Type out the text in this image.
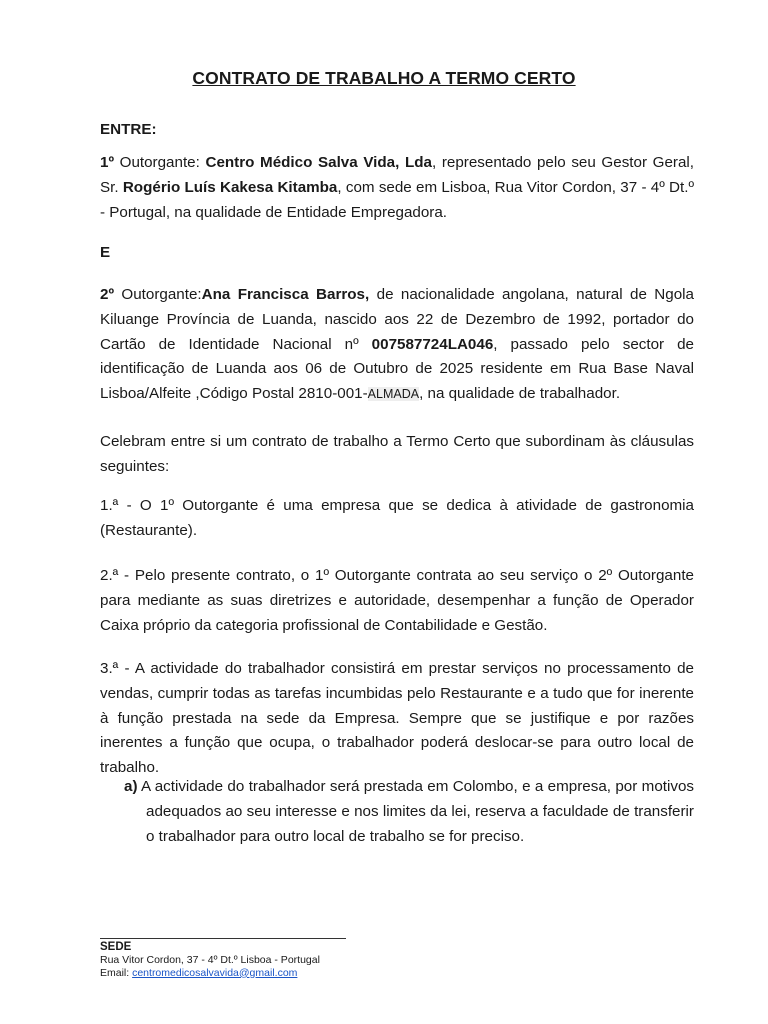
CONTRATO DE TRABALHO A TERMO CERTO
ENTRE:
1º Outorgante: Centro Médico Salva Vida, Lda, representado pelo seu Gestor Geral, Sr. Rogério Luís Kakesa Kitamba, com sede em Lisboa, Rua Vitor Cordon, 37 - 4º Dt.º - Portugal, na qualidade de Entidade Empregadora.
E
2º Outorgante:Ana Francisca Barros, de nacionalidade angolana, natural de Ngola Kiluange Província de Luanda, nascido aos 22 de Dezembro de 1992, portador do Cartão de Identidade Nacional nº 007587724LA046, passado pelo sector de identificação de Luanda aos 06 de Outubro de 2025 residente em Rua Base Naval Lisboa/Alfeite ,Código Postal 2810-001-ALMADA, na qualidade de trabalhador.
Celebram entre si um contrato de trabalho a Termo Certo que subordinam às cláusulas seguintes:
1.ª - O 1º Outorgante é uma empresa que se dedica à atividade de gastronomia (Restaurante).
2.ª - Pelo presente contrato, o 1º Outorgante contrata ao seu serviço o 2º Outorgante para mediante as suas diretrizes e autoridade, desempenhar a função de Operador Caixa próprio da categoria profissional de Contabilidade e Gestão.
3.ª - A actividade do trabalhador consistirá em prestar serviços no processamento de vendas, cumprir todas as tarefas incumbidas pelo Restaurante e a tudo que for inerente à função prestada na sede da Empresa. Sempre que se justifique e por razões inerentes a função que ocupa, o trabalhador poderá deslocar-se para outro local de trabalho.
a) A actividade do trabalhador será prestada em Colombo, e a empresa, por motivos adequados ao seu interesse e nos limites da lei, reserva a faculdade de transferir o trabalhador para outro local de trabalho se for preciso.
SEDE
Rua Vitor Cordon, 37 - 4º Dt.º Lisboa - Portugal
Email: centromedicosalvavida@gmail.com
